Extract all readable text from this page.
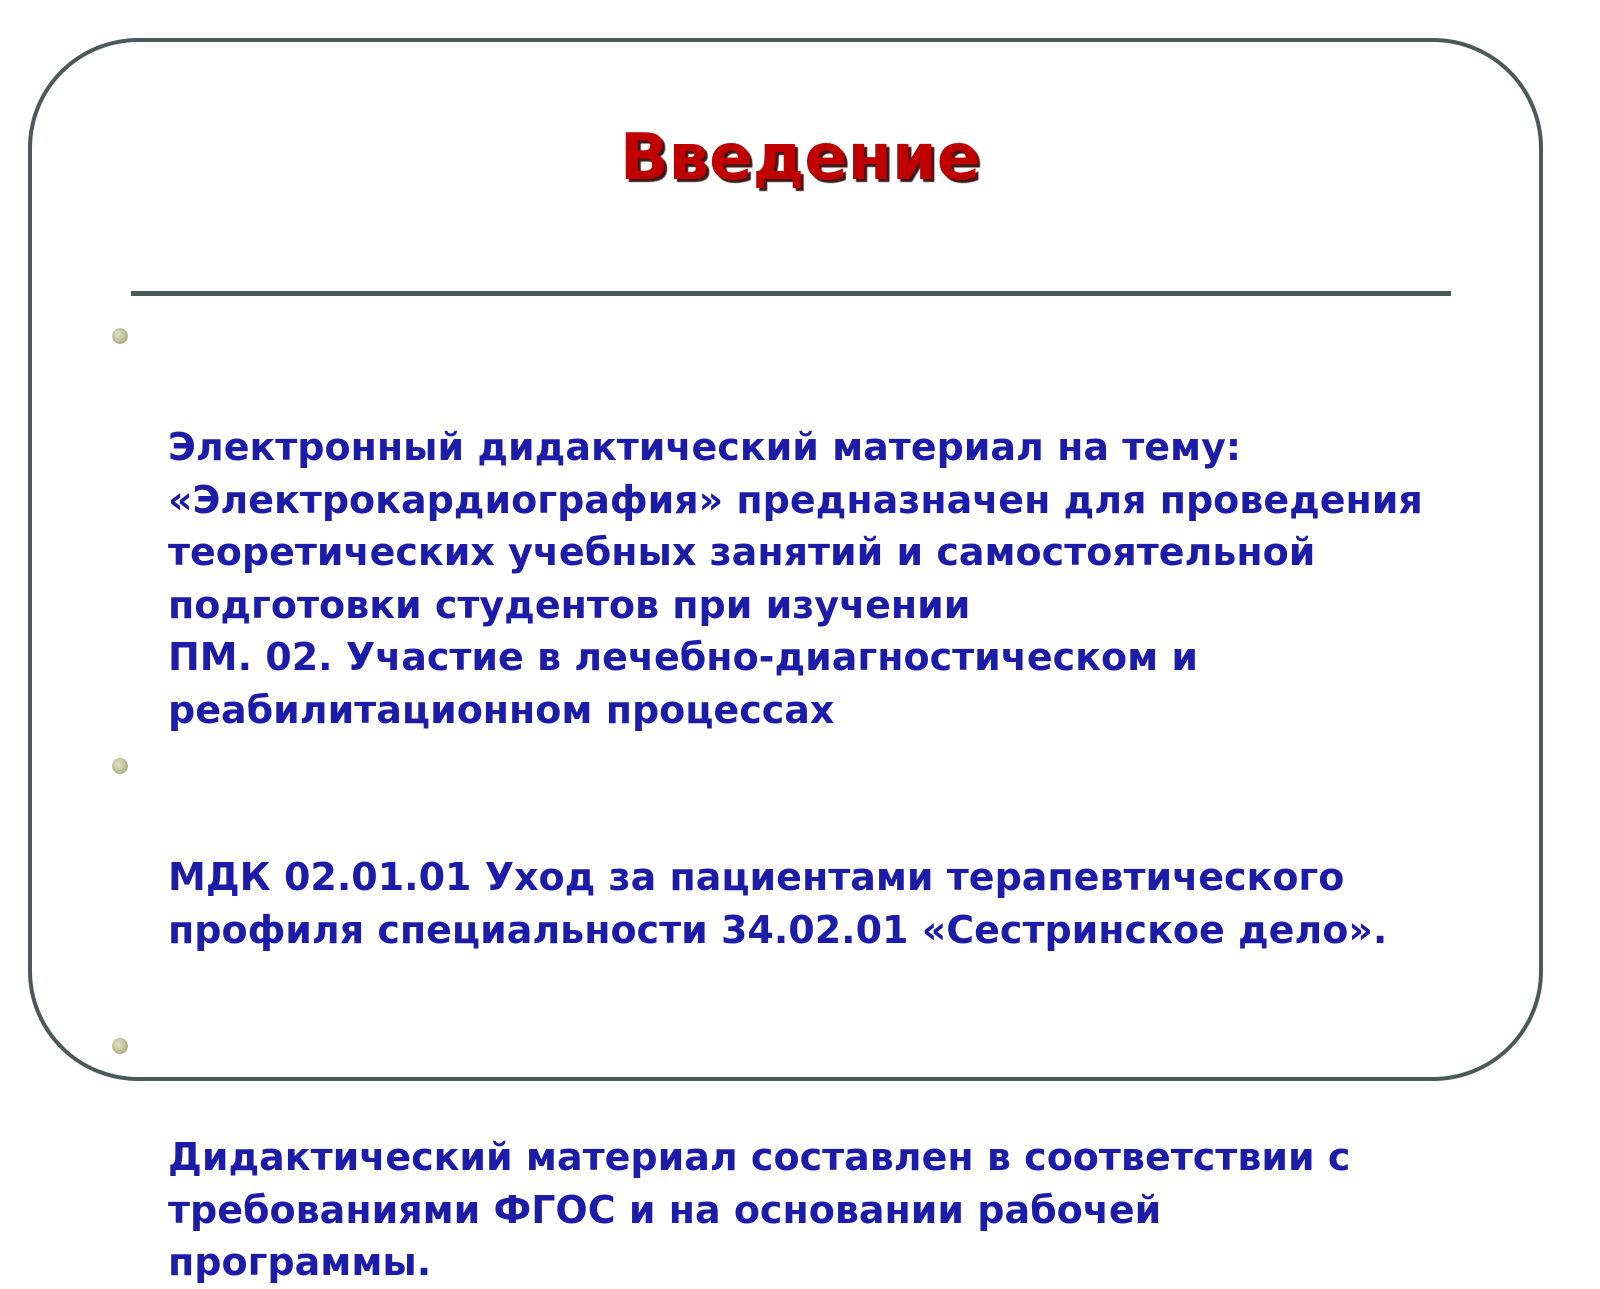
Введение

Электронный дидактический материал на тему:
«Электрокардиография» предназначен для проведения
теоретических учебных занятий и самостоятельной
подготовки студентов при изучении
ПМ. 02. Участие в лечебно-диагностическом и
реабилитационном процессах

МДК 02.01.01 Уход за пациентами терапевтического
профиля специальности 34.02.01 «Сестринское дело».

Дидактический материал составлен в соответствии с
требованиями ФГОС и на основании рабочей
программы.
